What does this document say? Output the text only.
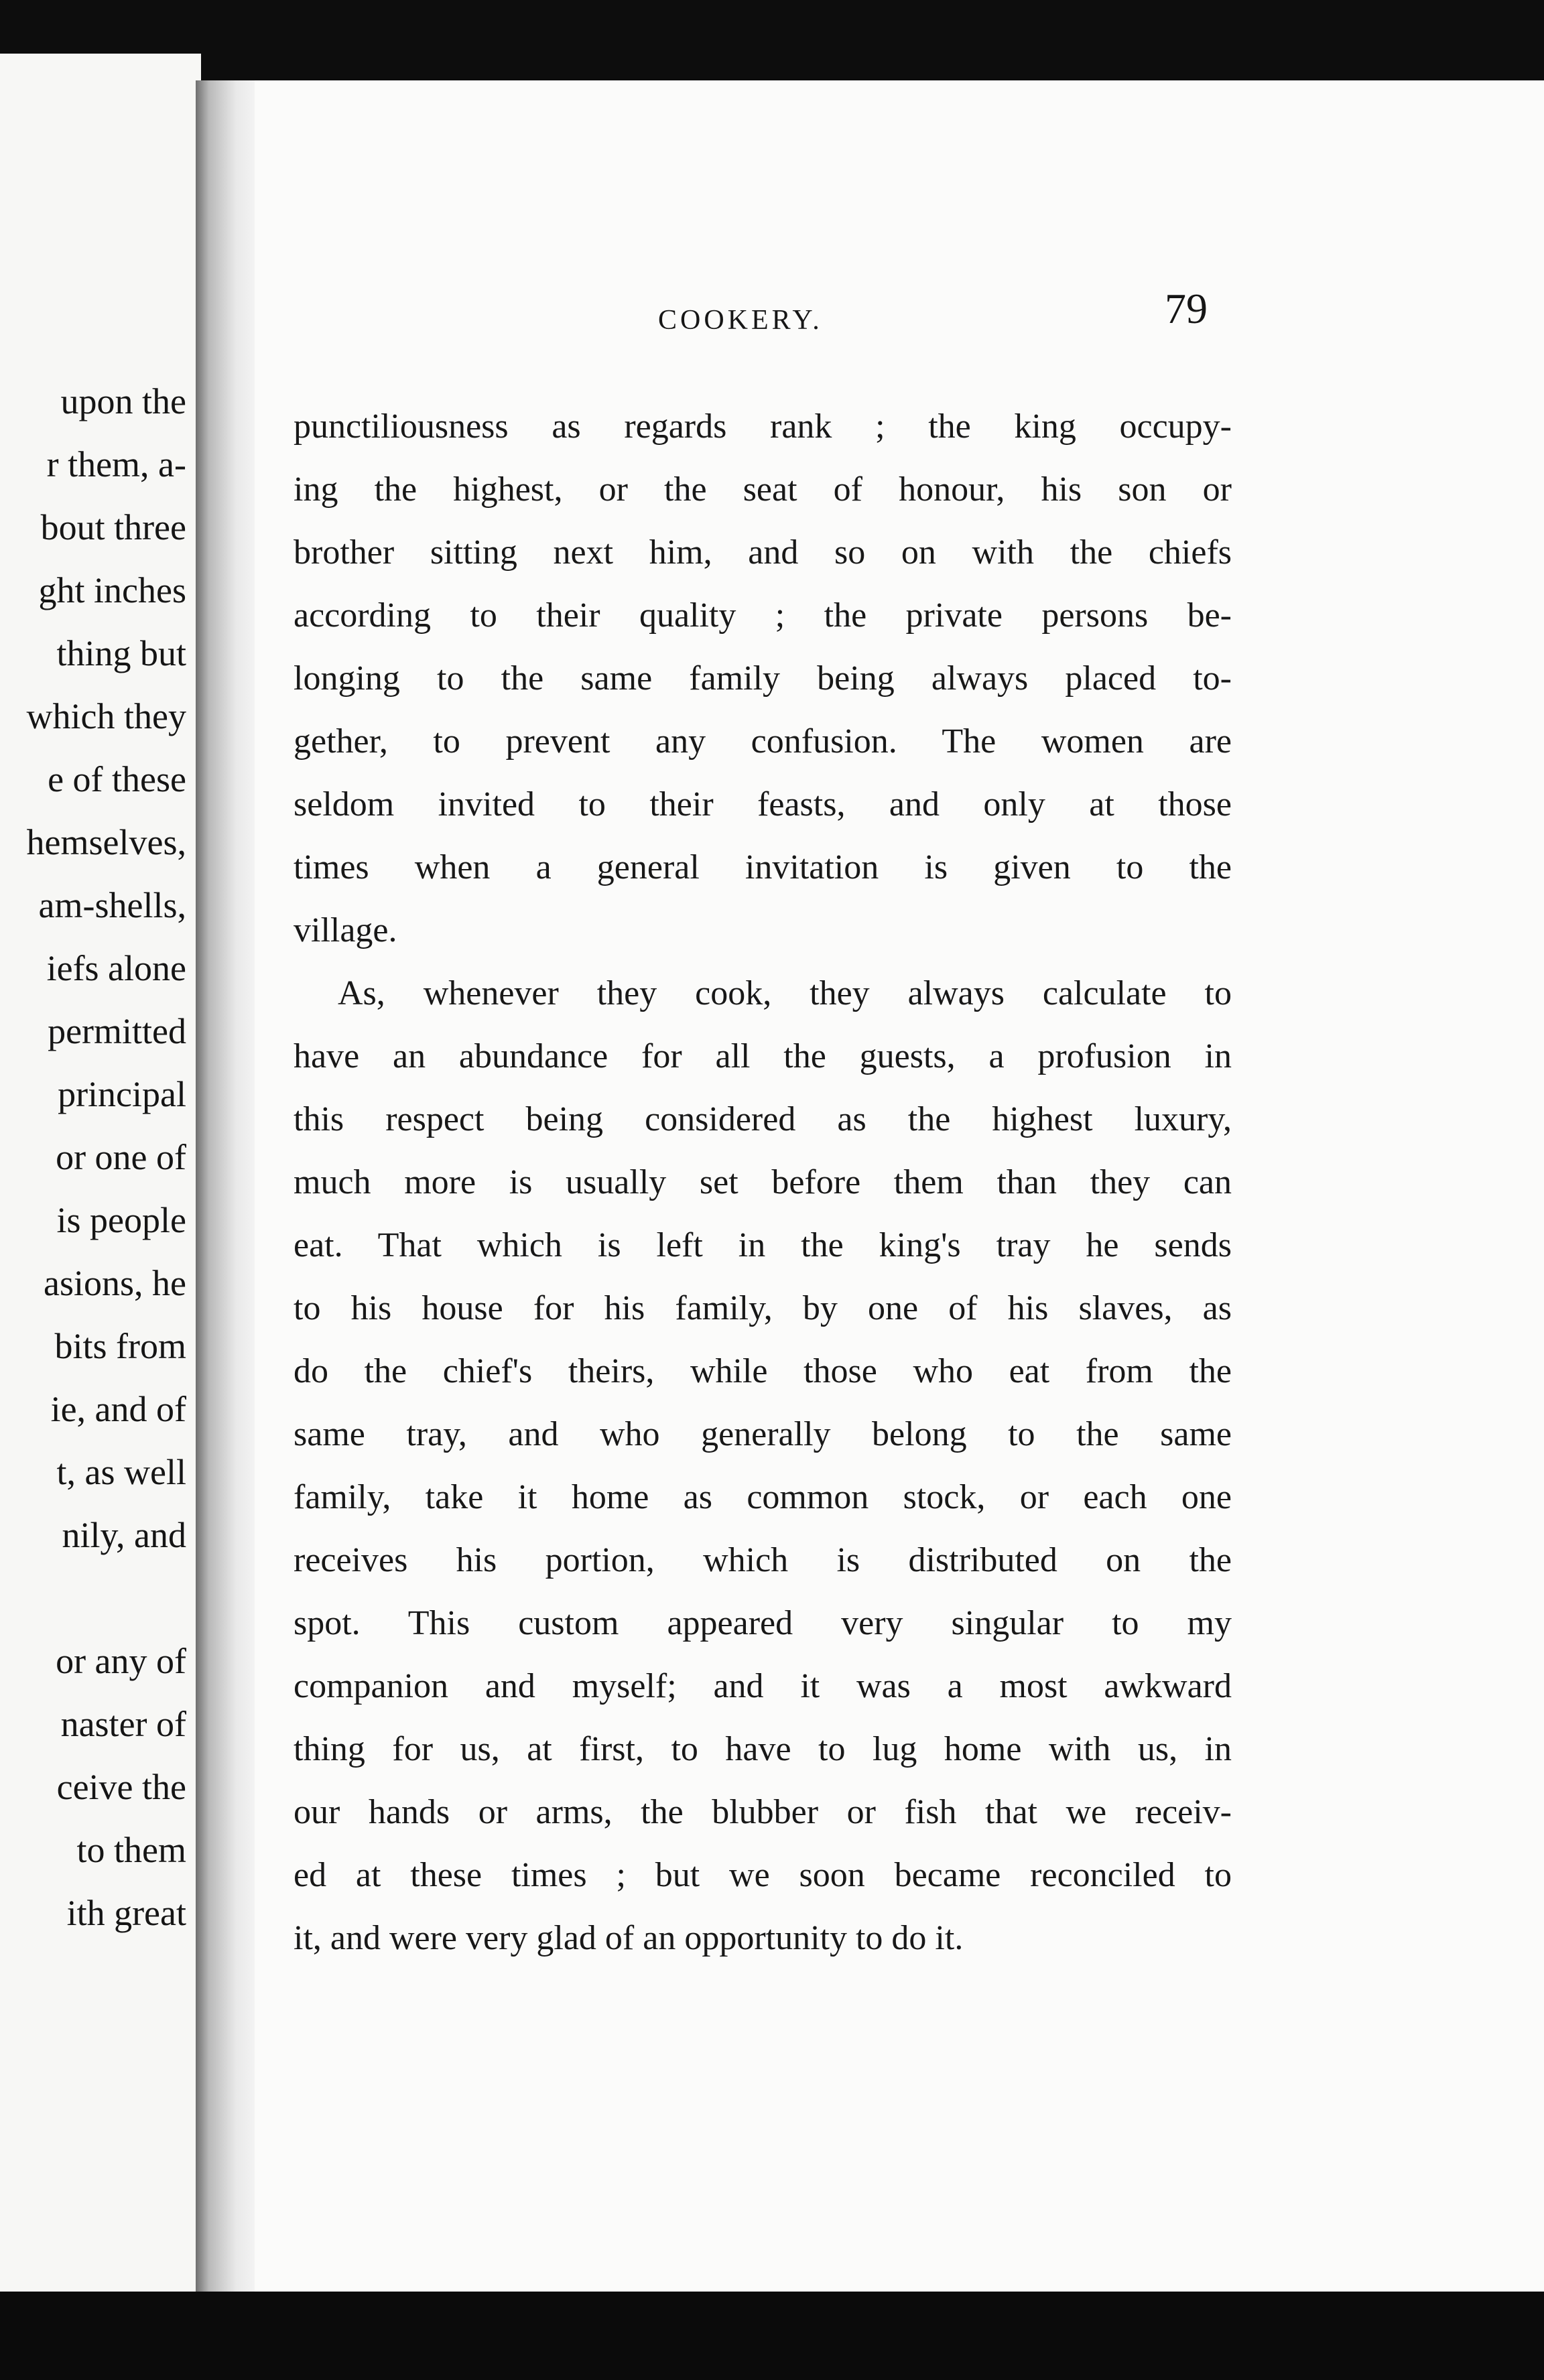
upon the
r them, a-
bout three
ght inches
thing but
which they
e of these
hemselves,
am-shells,
iefs alone
permitted
principal
or one of
is people
asions, he
bits from
ie, and of
t, as well
nily, and
or any of
naster of
ceive the
to them
ith great
COOKERY.	79
punctiliousness as regards rank ; the king occupy-
ing the highest, or the seat of honour, his son or
brother sitting next him, and so on with the chiefs
according to their quality ; the private persons be-
longing to the same family being always placed to-
gether, to prevent any confusion. The women are
seldom invited to their feasts, and only at those
times when a general invitation is given to the
village.
As, whenever they cook, they always calculate to
have an abundance for all the guests, a profusion in
this respect being considered as the highest luxury,
much more is usually set before them than they can
eat. That which is left in the king's tray he sends
to his house for his family, by one of his slaves, as
do the chief's theirs, while those who eat from the
same tray, and who generally belong to the same
family, take it home as common stock, or each one
receives his portion, which is distributed on the
spot. This custom appeared very singular to my
companion and myself; and it was a most awkward
thing for us, at first, to have to lug home with us, in
our hands or arms, the blubber or fish that we receiv-
ed at these times ; but we soon became reconciled to
it, and were very glad of an opportunity to do it.
